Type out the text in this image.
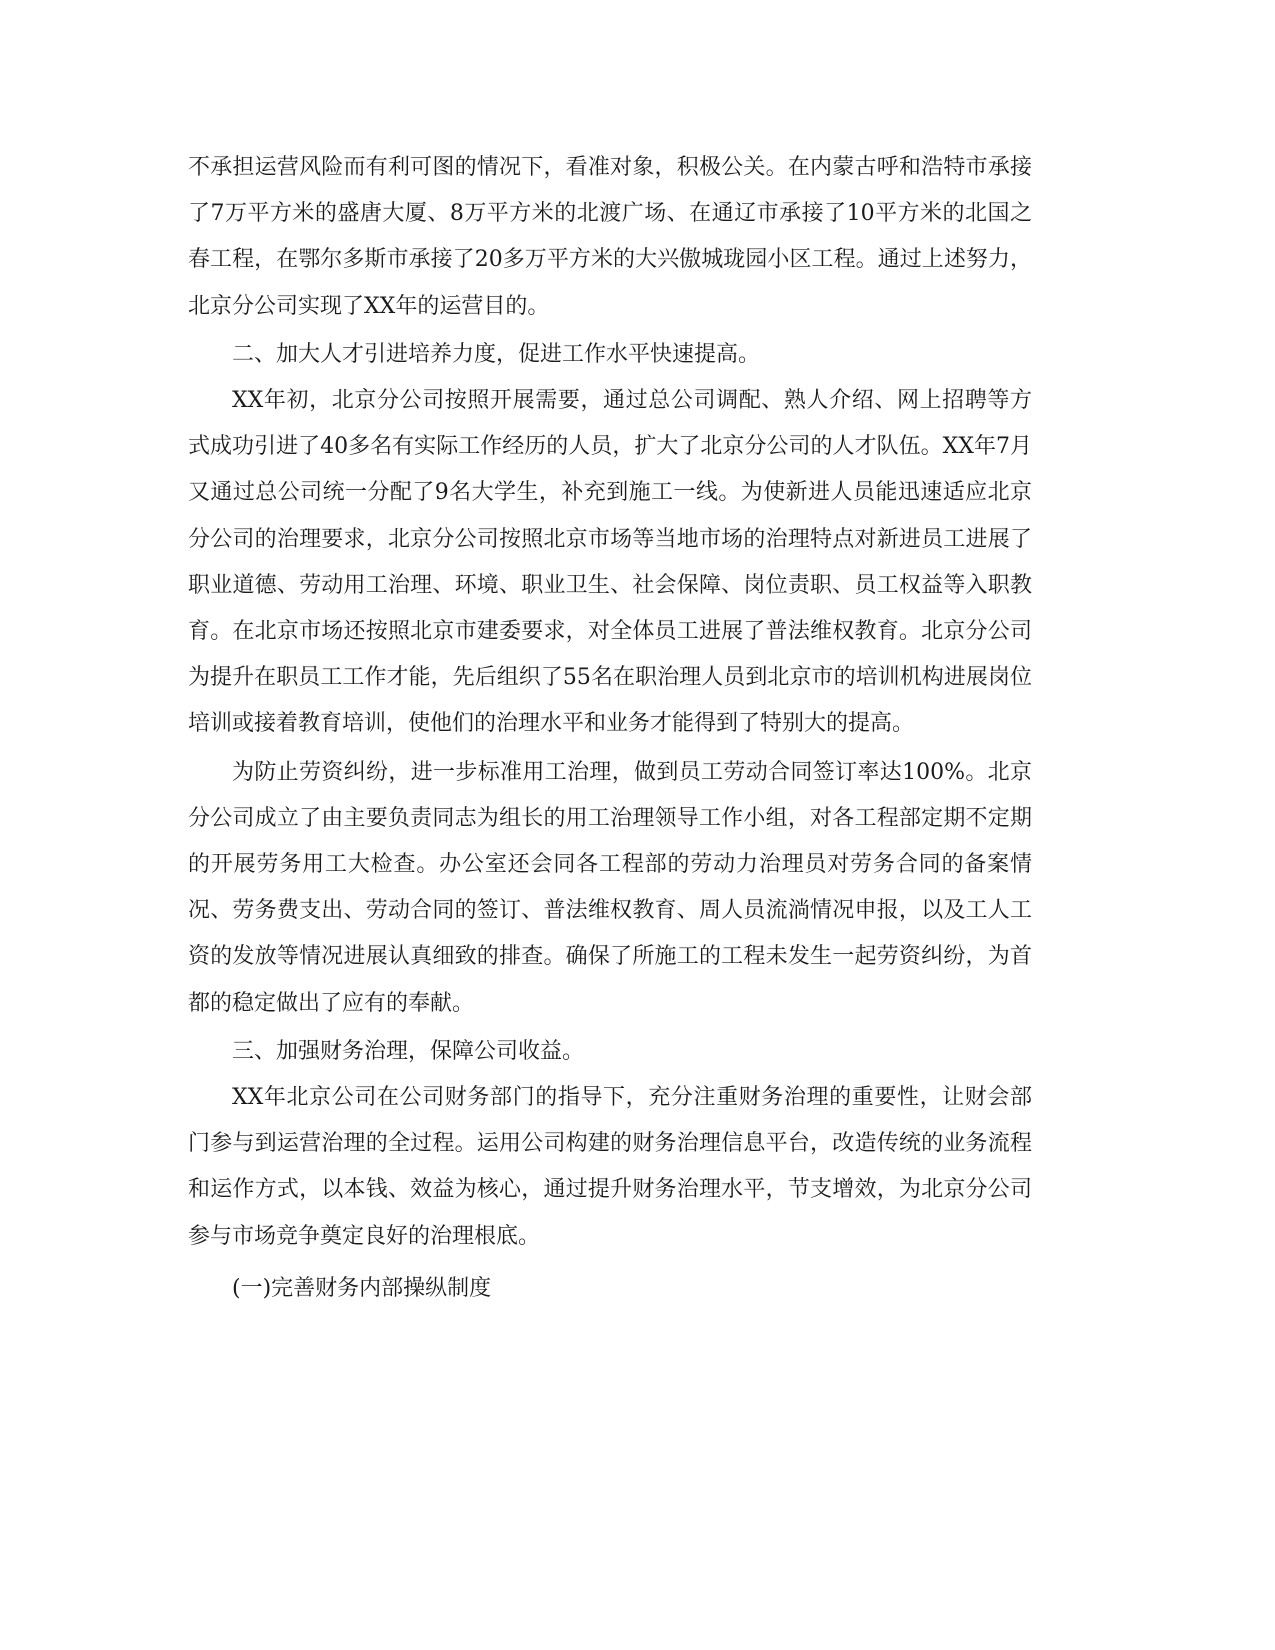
不承担运营风险而有利可图的情况下，看准对象，积极公关。在内蒙古呼和浩特市承接了7万平方米的盛唐大厦、8万平方米的北渡广场、在通辽市承接了10平方米的北国之春工程，在鄂尔多斯市承接了20多万平方米的大兴傲城珑园小区工程。通过上述努力，北京分公司实现了XX年的运营目的。

二、加大人才引进培养力度，促进工作水平快速提高。

XX年初，北京分公司按照开展需要，通过总公司调配、熟人介绍、网上招聘等方式成功引进了40多名有实际工作经历的人员，扩大了北京分公司的人才队伍。XX年7月又通过总公司统一分配了9名大学生，补充到施工一线。为使新进人员能迅速适应北京分公司的治理要求，北京分公司按照北京市场等当地市场的治理特点对新进员工进展了职业道德、劳动用工治理、环境、职业卫生、社会保障、岗位责职、员工权益等入职教育。在北京市场还按照北京市建委要求，对全体员工进展了普法维权教育。北京分公司为提升在职员工工作才能，先后组织了55名在职治理人员到北京市的培训机构进展岗位培训或接着教育培训，使他们的治理水平和业务才能得到了特别大的提高。

为防止劳资纠纷，进一步标准用工治理，做到员工劳动合同签订率达100%。北京分公司成立了由主要负责同志为组长的用工治理领导工作小组，对各工程部定期不定期的开展劳务用工大检查。办公室还会同各工程部的劳动力治理员对劳务合同的备案情况、劳务费支出、劳动合同的签订、普法维权教育、周人员流淌情况申报，以及工人工资的发放等情况进展认真细致的排查。确保了所施工的工程未发生一起劳资纠纷，为首都的稳定做出了应有的奉献。

三、加强财务治理，保障公司收益。

XX年北京公司在公司财务部门的指导下，充分注重财务治理的重要性，让财会部门参与到运营治理的全过程。运用公司构建的财务治理信息平台，改造传统的业务流程和运作方式，以本钱、效益为核心，通过提升财务治理水平，节支增效，为北京分公司参与市场竞争奠定良好的治理根底。

(一)完善财务内部操纵制度
